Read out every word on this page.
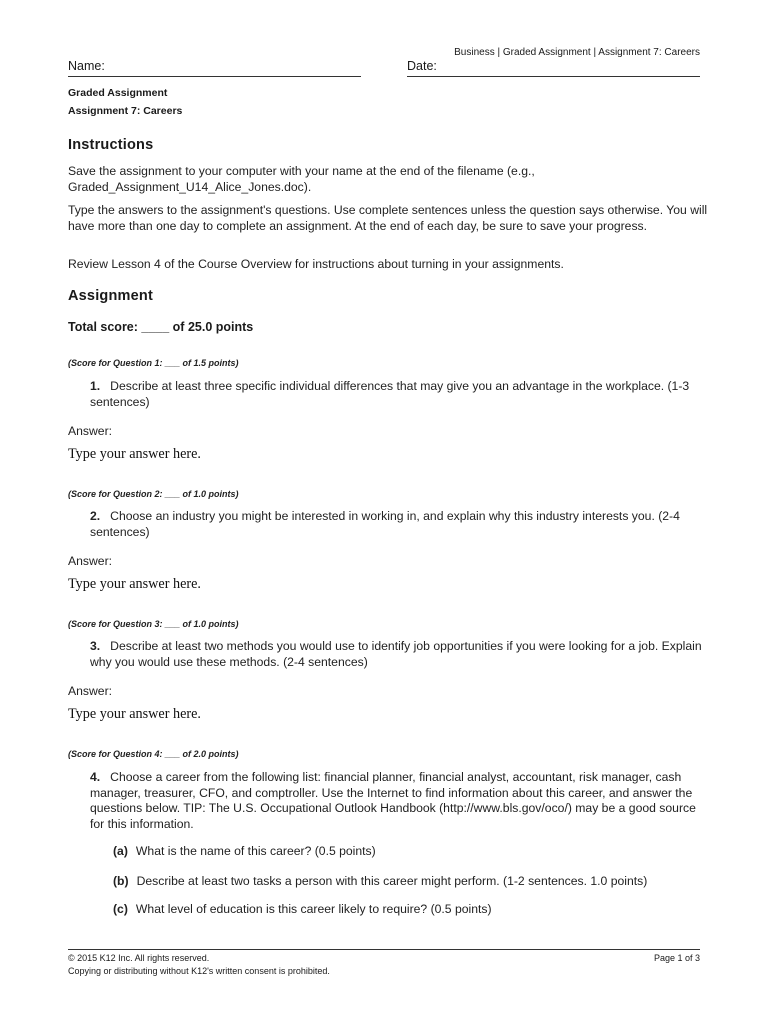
Business | Graded Assignment | Assignment 7: Careers
Name:	Date:
Graded Assignment
Assignment 7: Careers
Instructions
Save the assignment to your computer with your name at the end of the filename (e.g., Graded_Assignment_U14_Alice_Jones.doc).
Type the answers to the assignment's questions. Use complete sentences unless the question says otherwise. You will have more than one day to complete an assignment. At the end of each day, be sure to save your progress.
Review Lesson 4 of the Course Overview for instructions about turning in your assignments.
Assignment
Total score: ____ of 25.0 points
(Score for Question 1: ___ of 1.5 points)
1. Describe at least three specific individual differences that may give you an advantage in the workplace. (1-3 sentences)
Answer:
Type your answer here.
(Score for Question 2: ___ of 1.0 points)
2. Choose an industry you might be interested in working in, and explain why this industry interests you. (2-4 sentences)
Answer:
Type your answer here.
(Score for Question 3: ___ of 1.0 points)
3. Describe at least two methods you would use to identify job opportunities if you were looking for a job. Explain why you would use these methods. (2-4 sentences)
Answer:
Type your answer here.
(Score for Question 4: ___ of 2.0 points)
4. Choose a career from the following list: financial planner, financial analyst, accountant, risk manager, cash manager, treasurer, CFO, and comptroller. Use the Internet to find information about this career, and answer the questions below. TIP: The U.S. Occupational Outlook Handbook (http://www.bls.gov/oco/) may be a good source for this information.
(a) What is the name of this career? (0.5 points)
(b) Describe at least two tasks a person with this career might perform. (1-2 sentences. 1.0 points)
(c) What level of education is this career likely to require? (0.5 points)
© 2015 K12 Inc. All rights reserved.
Copying or distributing without K12's written consent is prohibited.
Page 1 of 3
